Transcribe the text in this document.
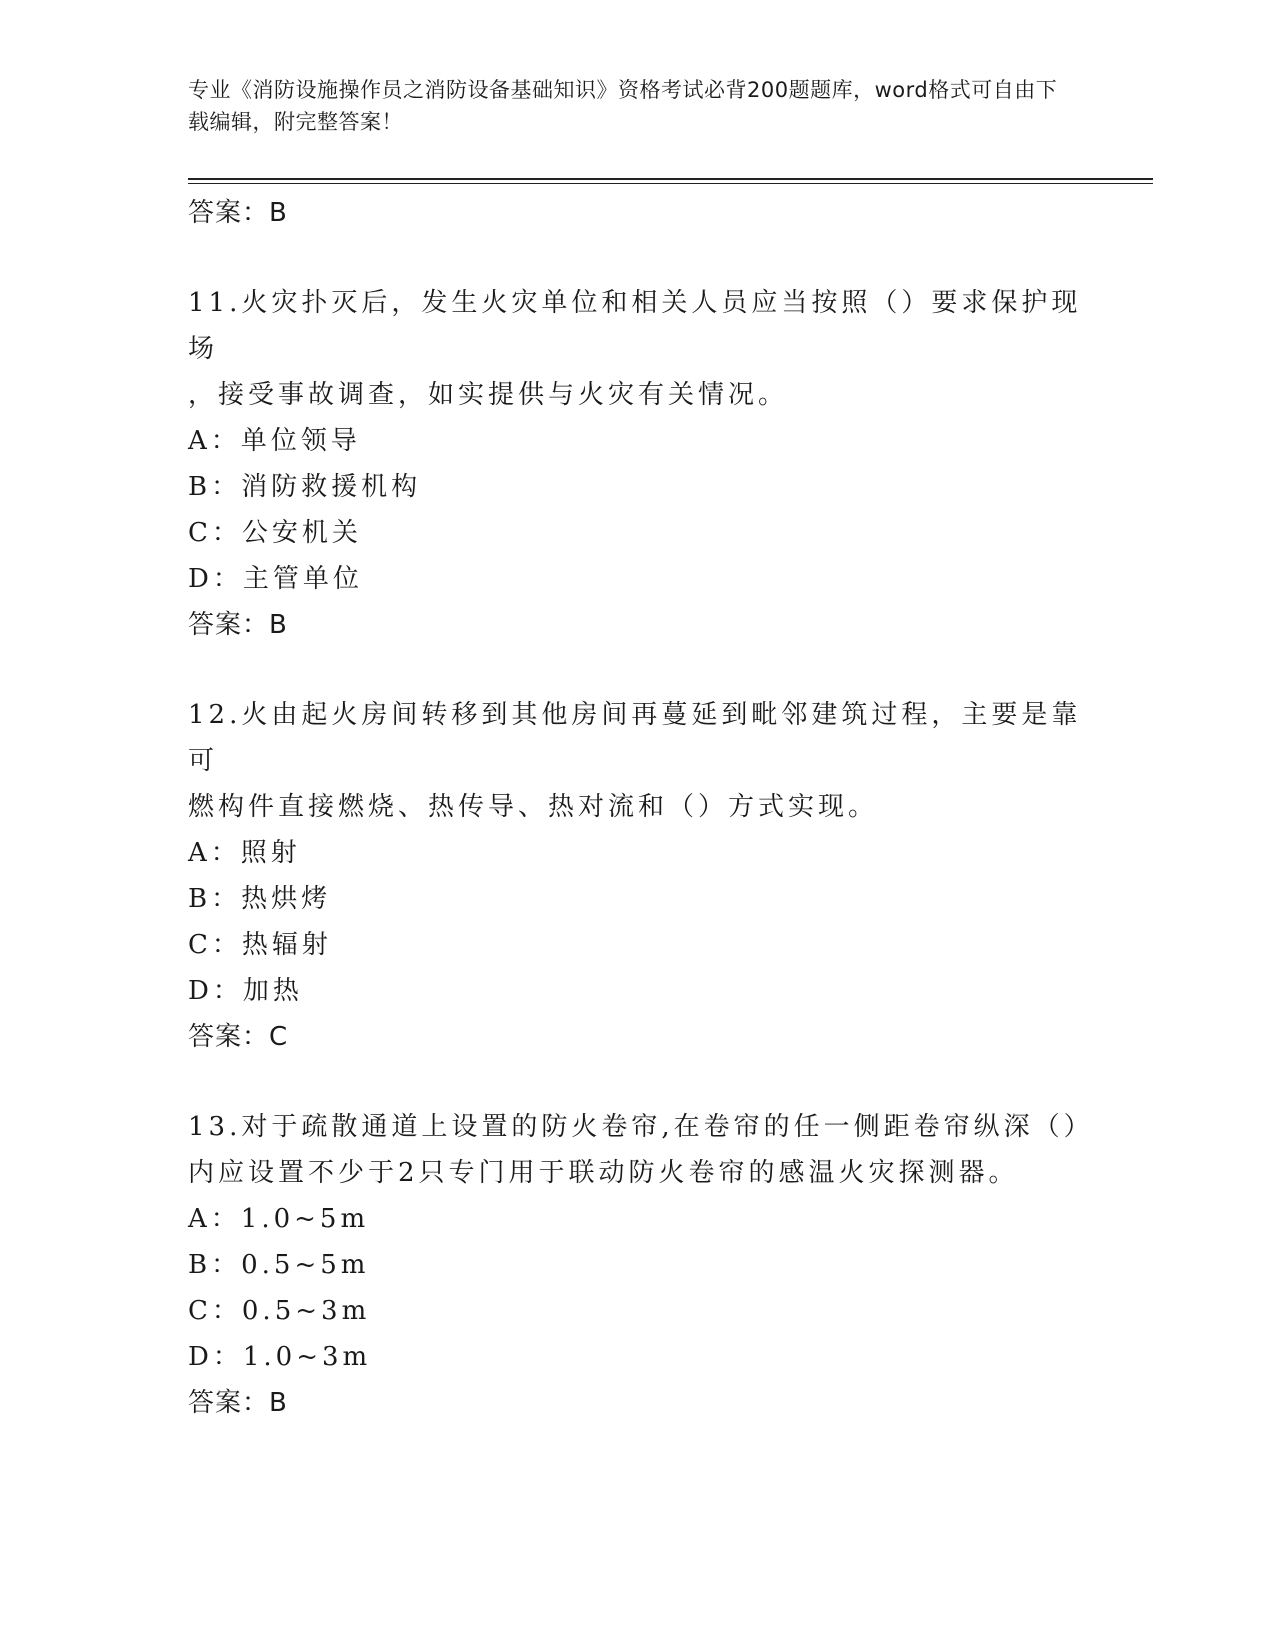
专业《消防设施操作员之消防设备基础知识》资格考试必背200题题库，word格式可自由下载编辑，附完整答案！
答案：B
11.火灾扑灭后，发生火灾单位和相关人员应当按照（）要求保护现场
，接受事故调查，如实提供与火灾有关情况。
A：单位领导
B：消防救援机构
C：公安机关
D：主管单位
答案：B
12.火由起火房间转移到其他房间再蔓延到毗邻建筑过程，主要是靠可
燃构件直接燃烧、热传导、热对流和（）方式实现。
A：照射
B：热烘烤
C：热辐射
D：加热
答案：C
13.对于疏散通道上设置的防火卷帘,在卷帘的任一侧距卷帘纵深（）
内应设置不少于2只专门用于联动防火卷帘的感温火灾探测器。
A：1.0~5m
B：0.5~5m
C：0.5~3m
D：1.0~3m
答案：B
